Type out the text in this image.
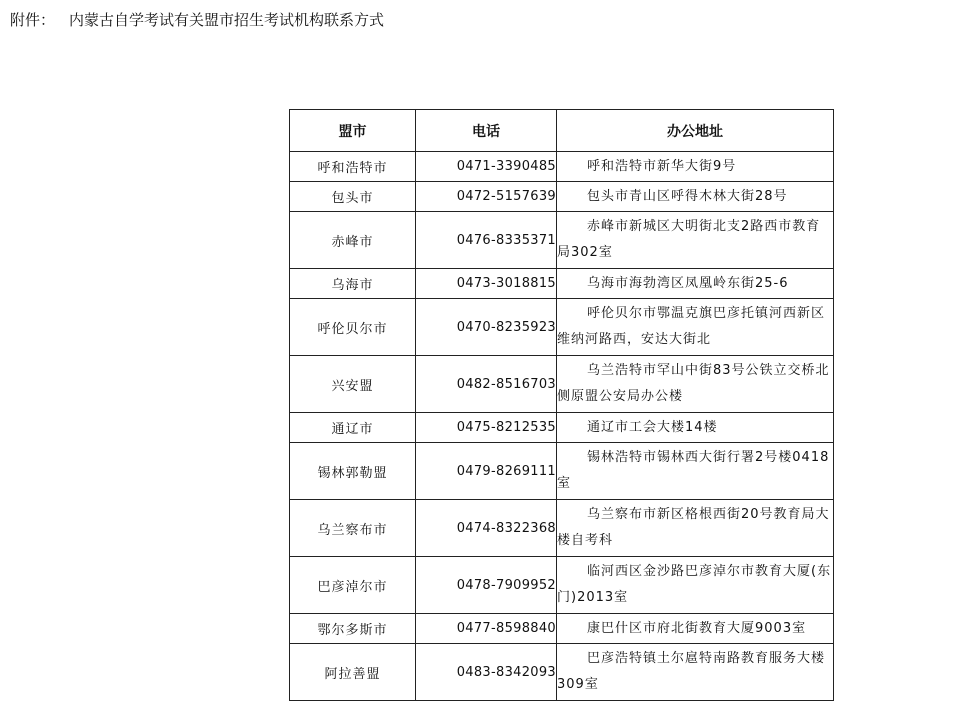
附件： 内蒙古自学考试有关盟市招生考试机构联系方式
盟市	电话	办公地址
呼和浩特市	0471-3390485	呼和浩特市新华大街9号
包头市	0472-5157639	包头市青山区呼得木林大街28号
赤峰市	0476-8335371	赤峰市新城区大明街北支2路西市教育局302室
乌海市	0473-3018815	乌海市海勃湾区凤凰岭东街25-6
呼伦贝尔市	0470-8235923	呼伦贝尔市鄂温克旗巴彦托镇河西新区维纳河路西，安达大街北
兴安盟	0482-8516703	乌兰浩特市罕山中街83号公铁立交桥北侧原盟公安局办公楼
通辽市	0475-8212535	通辽市工会大楼14楼
锡林郭勒盟	0479-8269111	锡林浩特市锡林西大街行署2号楼0418室
乌兰察布市	0474-8322368	乌兰察布市新区格根西街20号教育局大楼自考科
巴彦淖尔市	0478-7909952	临河西区金沙路巴彦淖尔市教育大厦(东门)2013室
鄂尔多斯市	0477-8598840	康巴什区市府北街教育大厦9003室
阿拉善盟	0483-8342093	巴彦浩特镇土尔扈特南路教育服务大楼309室
